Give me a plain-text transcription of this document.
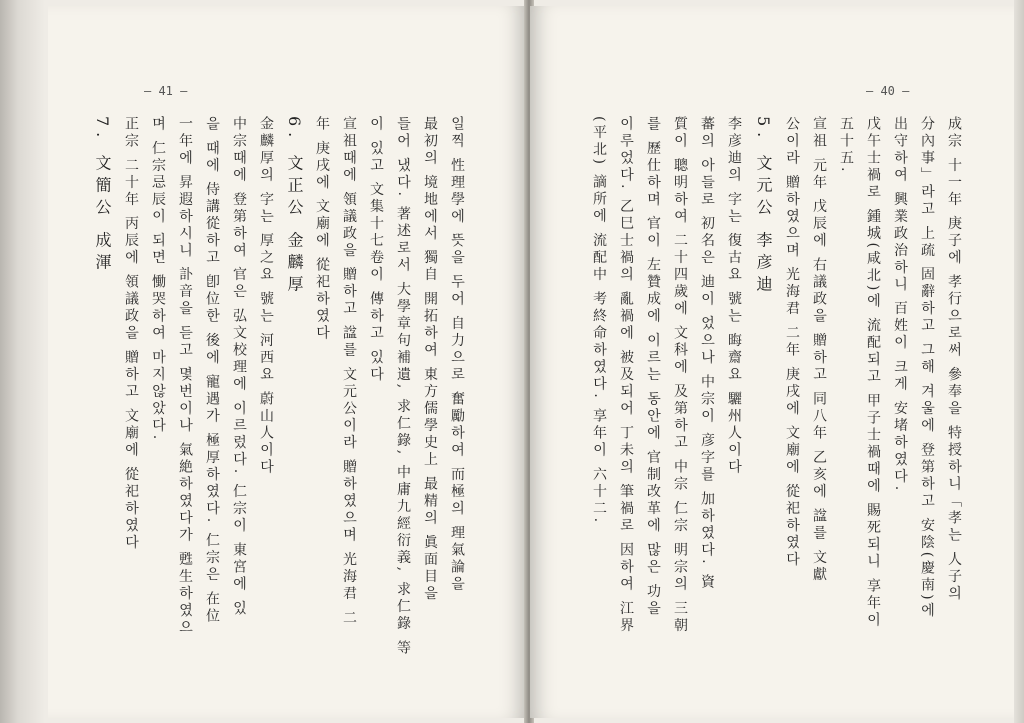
— 41 —
일찍 性理學에 뜻을 두어 自力으로 奮勵하여 而極의 理氣論을
最初의 境地에서 獨自 開拓하여 東方儒學史上 最精의 眞面目을
들어 냈다. 著述로서 大學章句補遺, 求仁錄, 中庸九經衍義, 求仁錄 等
이 있고 文集十七卷이 傳하고 있다
宣祖때에 領議政을 贈하고 諡를 文元公이라 贈하였으며 光海君 二
年 庚戌에 文廟에 從祀하였다
6. 文正公 金麟厚
金麟厚의 字는 厚之요 號는 河西요 蔚山人이다
中宗때에 登第하여 官은 弘文校理에 이르렀다. 仁宗이 東宮에 있
을 때에 侍講從하고 卽位한 後에 寵遇가 極厚하였다. 仁宗은 在位
一年에 昇遐하시니 訃音을 듣고 몇번이나 氣絶하였다가 甦生하였으
며 仁宗忌辰이 되면 慟哭하여 마지않았다.
正宗 二十年 丙辰에 領議政을 贈하고 文廟에 從祀하였다
7. 文簡公 成渾
— 40 —
成宗 十一年 庚子에 孝行으로써 參奉을 特授하니「孝는 人子의
分內事」라고 上疏 固辭하고 그해 겨울에 登第하고 安陰(慶南)에
出守하여 興業政治하니 百姓이 크게 安堵하였다.
戊午士禍로 鍾城(咸北)에 流配되고 甲子士禍때에 賜死되니 享年이
五十五.
宣祖 元年 戊辰에 右議政을 贈하고 同八年 乙亥에 諡를 文獻
公이라 贈하였으며 光海君 二年 庚戌에 文廟에 從祀하였다
5. 文元公 李彦迪
李彦迪의 字는 復古요 號는 晦齋요 驪州人이다
蕃의 아들로 初名은 迪이 었으나 中宗이 彦字를 加하였다. 資
質이 聰明하여 二十四歲에 文科에 及第하고 中宗 仁宗 明宗의 三朝
를 歷仕하며 官이 左贊成에 이르는 동안에 官制改革에 많은 功을
이루었다. 乙巳士禍의 亂禍에 被及되어 丁未의 筆禍로 因하여 江界
(平北) 謫所에 流配中 考終命하였다. 享年이 六十二.
